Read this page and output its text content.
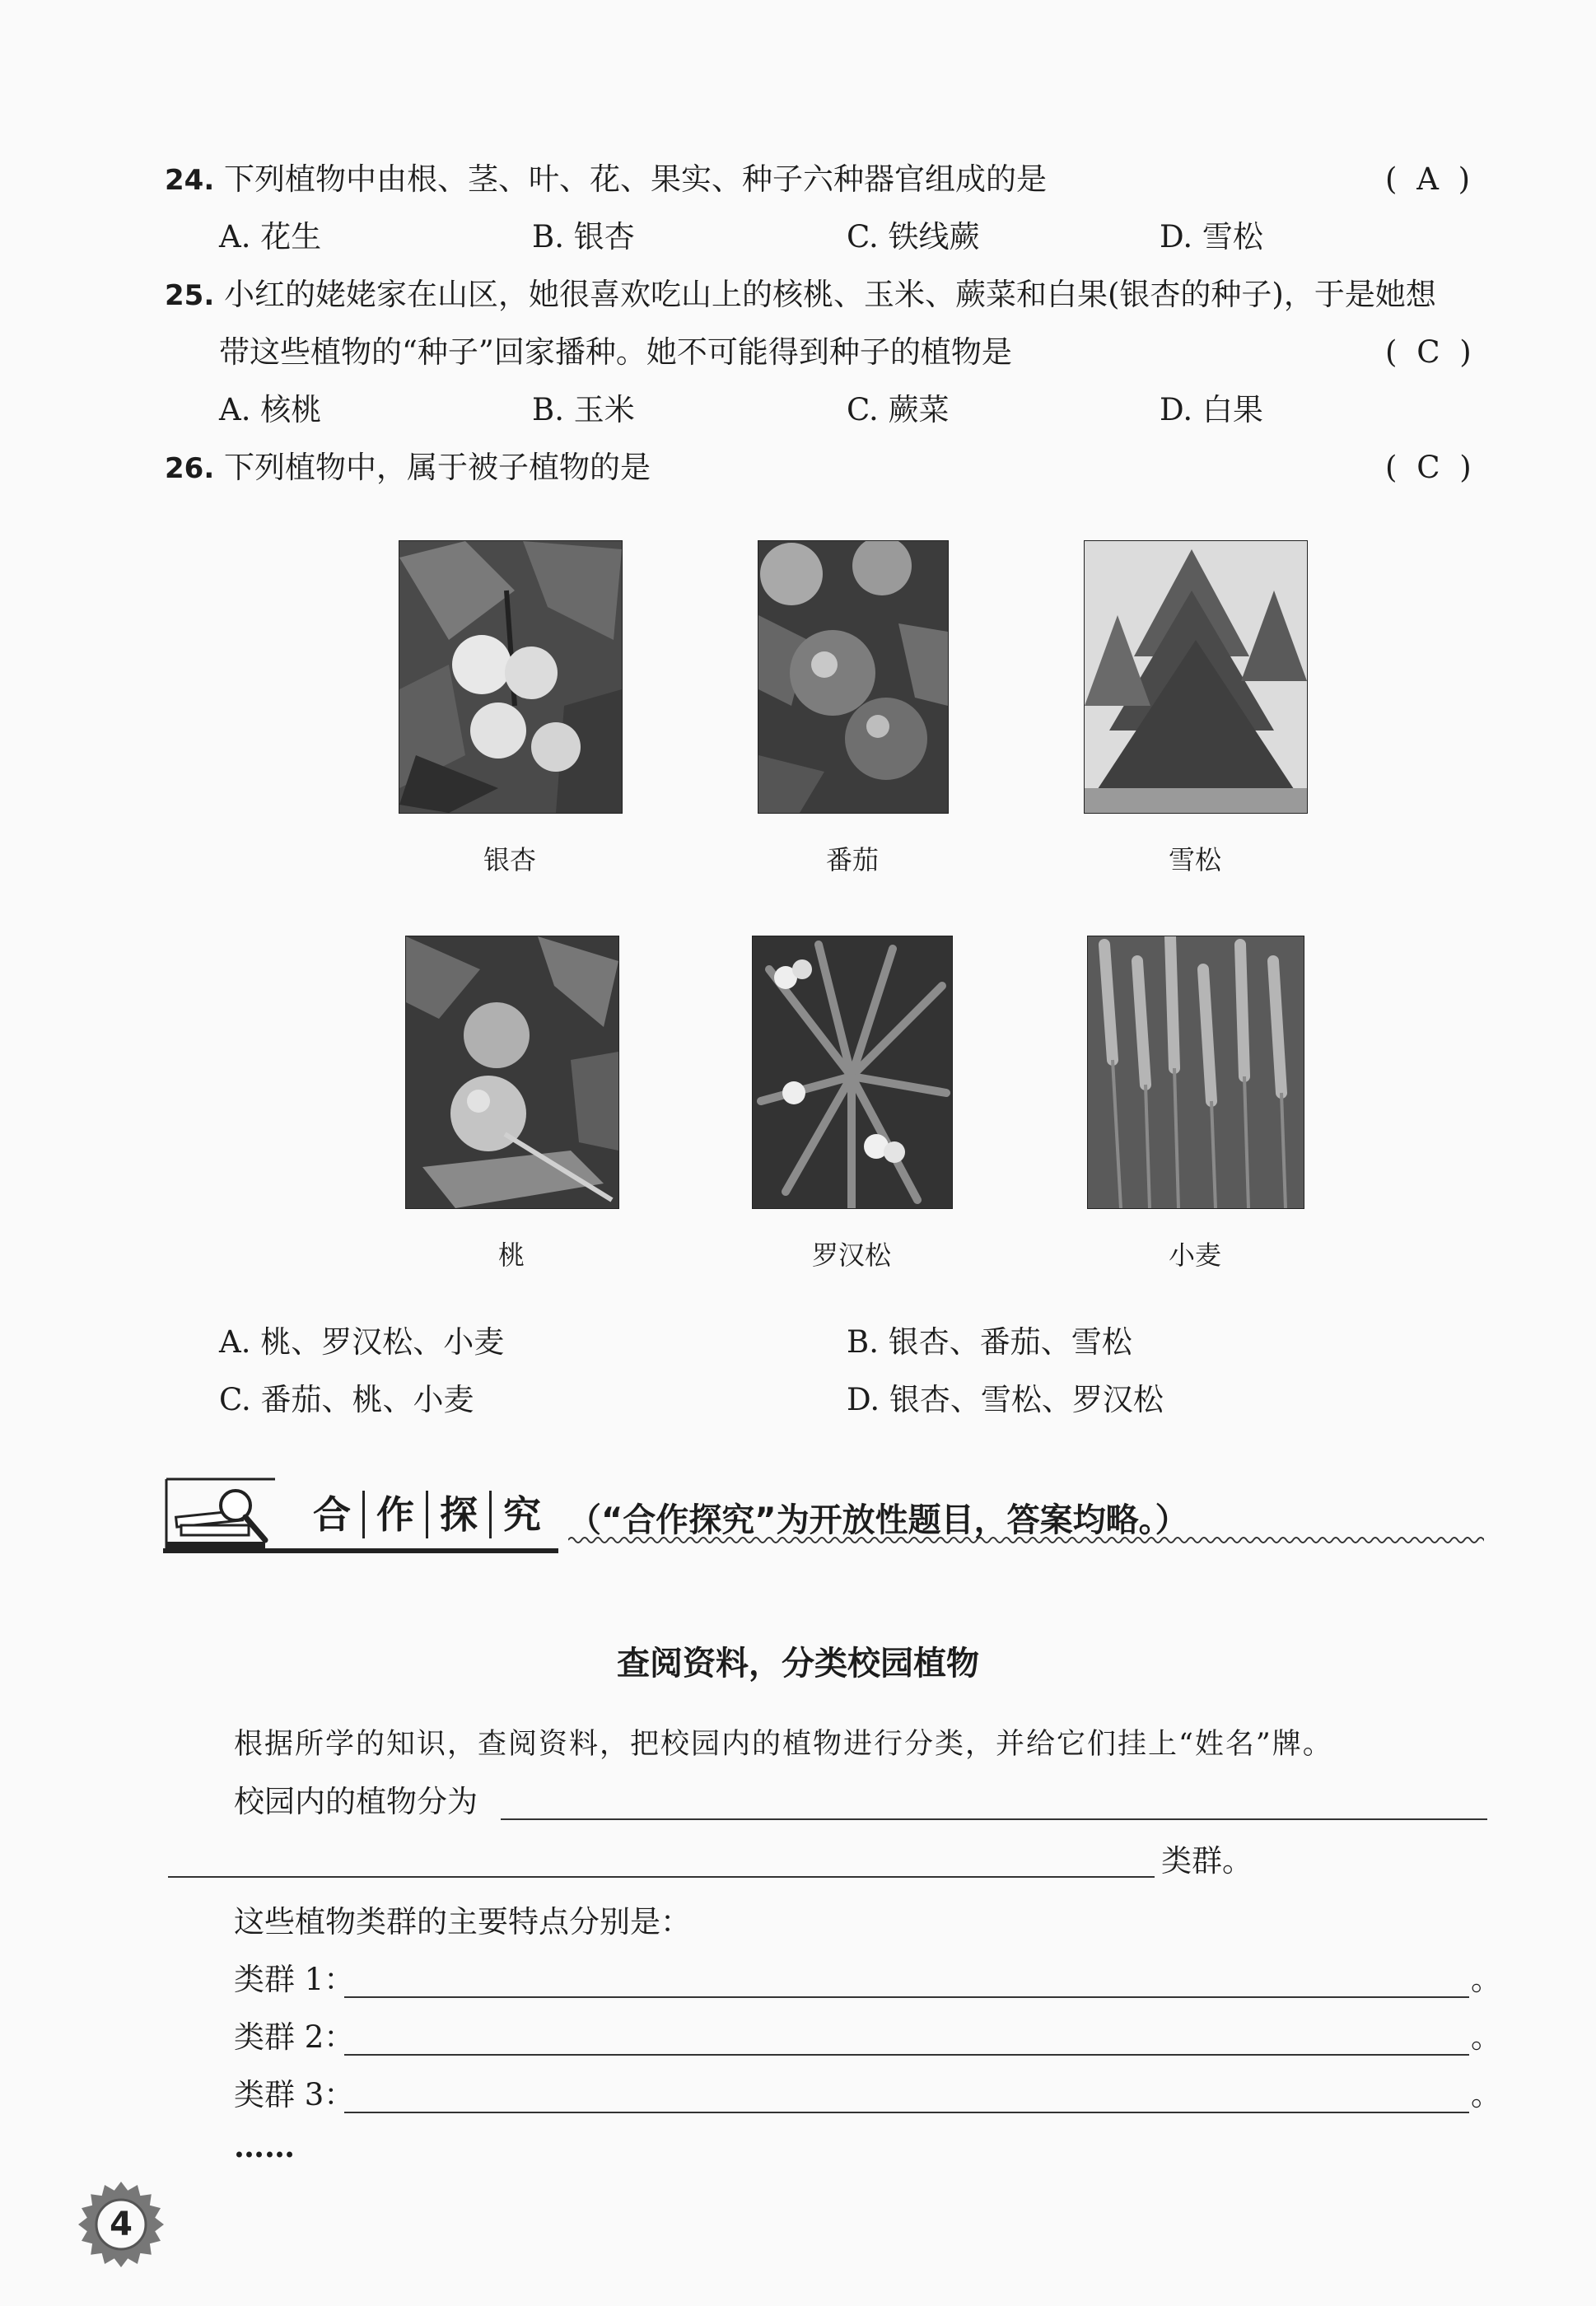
24. 下列植物中由根、茎、叶、花、果实、种子六种器官组成的是	( A )
A. 花生	B. 银杏	C. 铁线蕨	D. 雪松
25. 小红的姥姥家在山区，她很喜欢吃山上的核桃、玉米、蕨菜和白果(银杏的种子)，于是她想
带这些植物的“种子”回家播种。她不可能得到种子的植物是	( C )
A. 核桃	B. 玉米	C. 蕨菜	D. 白果
26. 下列植物中，属于被子植物的是	( C )
银杏	番茄	雪松
桃	罗汉松	小麦
A. 桃、罗汉松、小麦	B. 银杏、番茄、雪松
C. 番茄、桃、小麦	D. 银杏、雪松、罗汉松
合 作 探 究 （“合作探究”为开放性题目，答案均略。）
查阅资料，分类校园植物
根据所学的知识，查阅资料，把校园内的植物进行分类，并给它们挂上“姓名”牌。
校园内的植物分为
类群。
这些植物类群的主要特点分别是：
类群 1：	。
类群 2：	。
类群 3：	。
……
4
